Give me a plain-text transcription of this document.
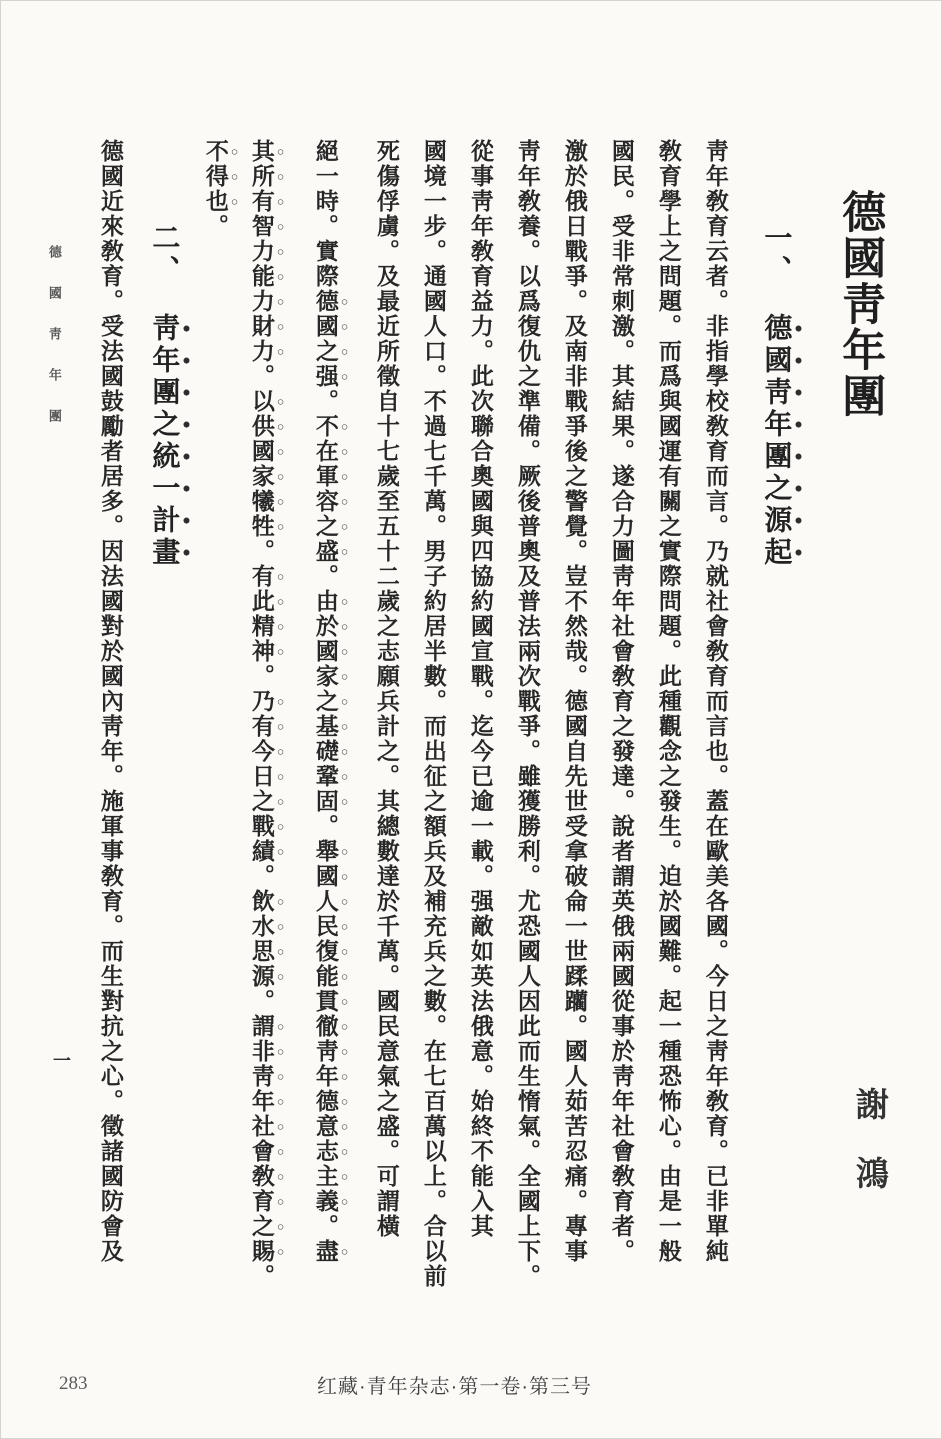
德國靑年團
一、德國靑年團之源起
靑年敎育云者。非指學校敎育而言。乃就社會敎育而言也。蓋在歐美各國。今日之靑年敎育。已非單純
敎育學上之問題。而爲與國運有關之實際問題。此種觀念之發生。迫於國難。起一種恐怖心。由是一般
國民。受非常刺激。其結果。遂合力圖靑年社會敎育之發達。說者謂英俄兩國從事於靑年社會敎育者。
激於俄日戰爭。及南非戰爭後之警覺。豈不然哉。德國自先世受拿破侖一世蹂躪。國人茹苦忍痛。專事
靑年敎養。以爲復仇之準備。厥後普奧及普法兩次戰爭。雖獲勝利。尤恐國人因此而生惰氣。全國上下。
從事靑年敎育益力。此次聯合奧國與四協約國宣戰。迄今已逾一載。强敵如英法俄意。始終不能入其
國境一步。通國人口。不過七千萬。男子約居半數。而出征之額兵及補充兵之數。在七百萬以上。合以前
死傷俘虜。及最近所徵自十七歲至五十二歲之志願兵計之。其總數達於千萬。國民意氣之盛。可謂橫
絕一時。實際德國之强。不在軍容之盛。由於國家之基礎鞏固。舉國人民復能貫徹靑年德意志主義。盡
其所有智力能力財力。以供國家犧牲。有此精神。乃有今日之戰績。飲水思源。謂非靑年社會敎育之賜。
不得也。
二、靑年團之統一計畫
德國近來敎育。受法國鼓勵者居多。因法國對於國內靑年。施軍事敎育。而生對抗之心。徵諸國防會及	謝鴻
德國靑年團
一
283	红藏·青年杂志·第一卷·第三号
